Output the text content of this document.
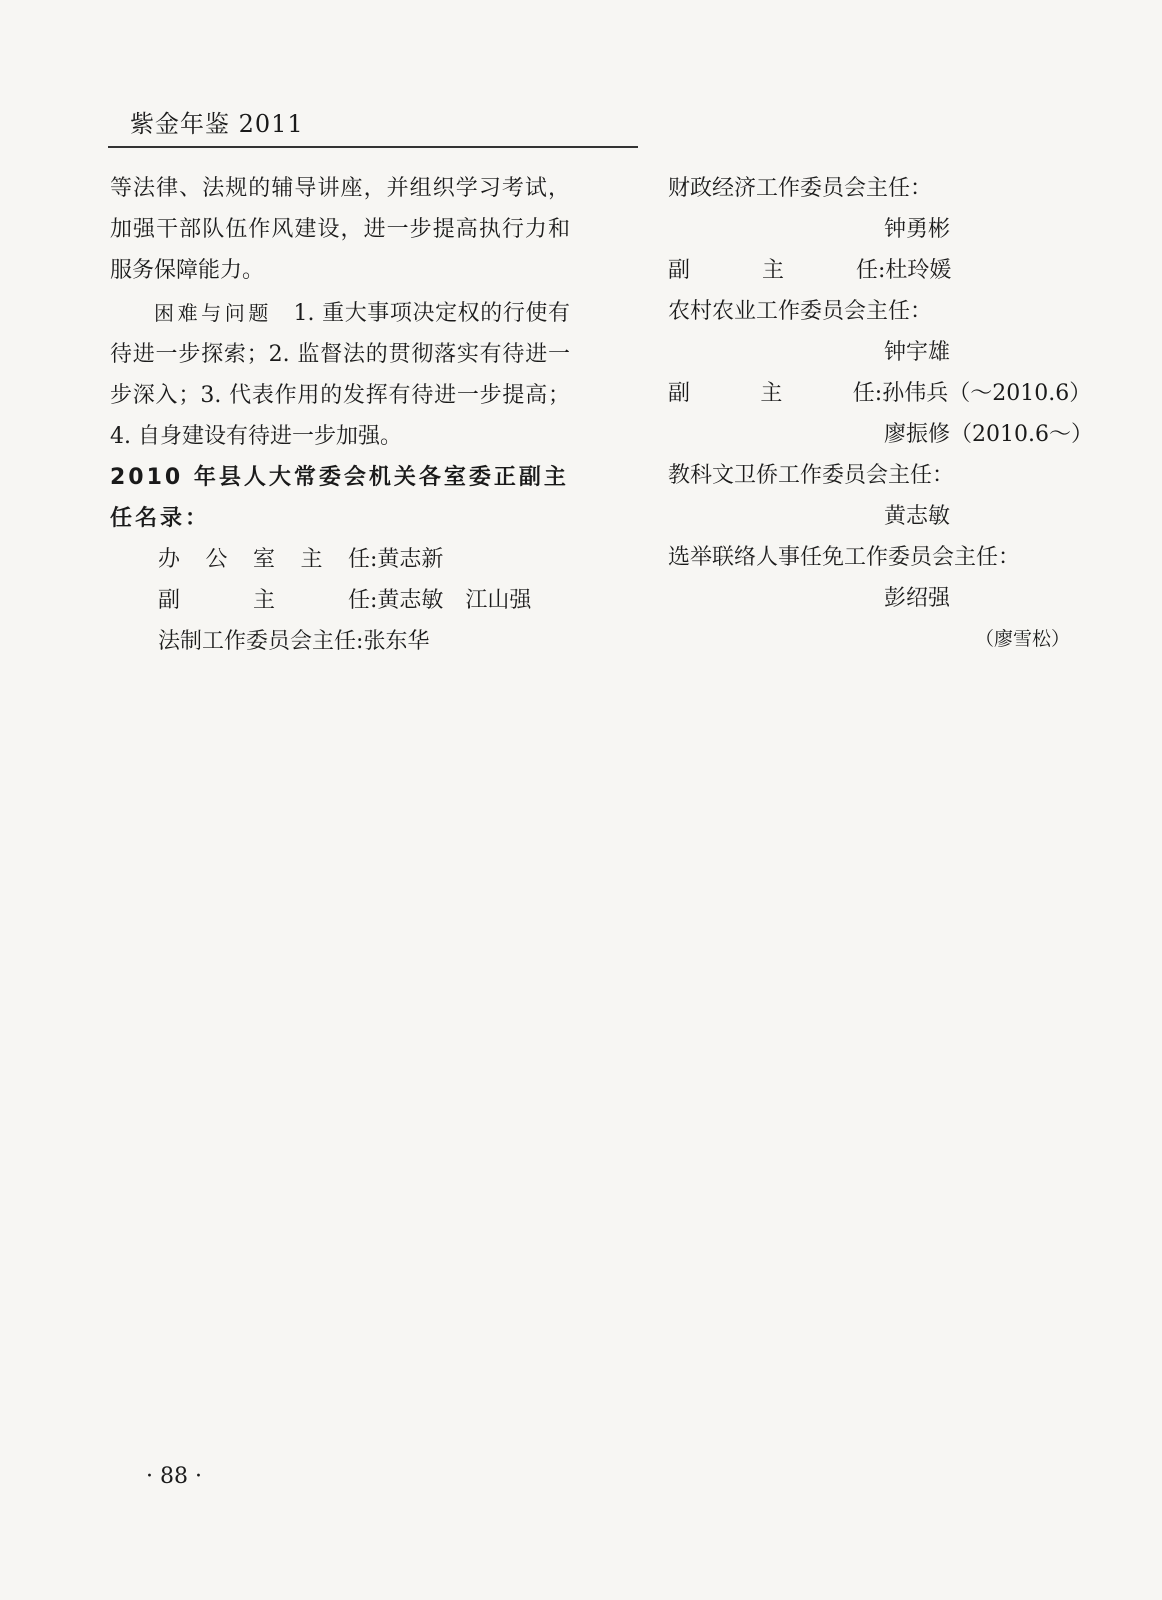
紫金年鉴 2011

等法律、法规的辅导讲座，并组织学习考试，加强干部队伍作风建设，进一步提高执行力和服务保障能力。

困难与问题 1. 重大事项决定权的行使有待进一步探索；2. 监督法的贯彻落实有待进一步深入；3. 代表作用的发挥有待进一步提高；4. 自身建设有待进一步加强。

2010 年县人大常委会机关各室委正副主任名录：

办 公 室 主 任 : 黄志新
副	主	任 : 黄志敏　江山强
法制工作委员会主任 : 张东华
财政经济工作委员会主任：
钟勇彬
副	主	任 : 杜玲媛
农村农业工作委员会主任：
钟宇雄
副	主	任 : 孙伟兵（～2010.6）
廖振修（2010.6～）
教科文卫侨工作委员会主任：
黄志敏
选举联络人事任免工作委员会主任：
彭绍强
（廖雪松）
· 88 ·
